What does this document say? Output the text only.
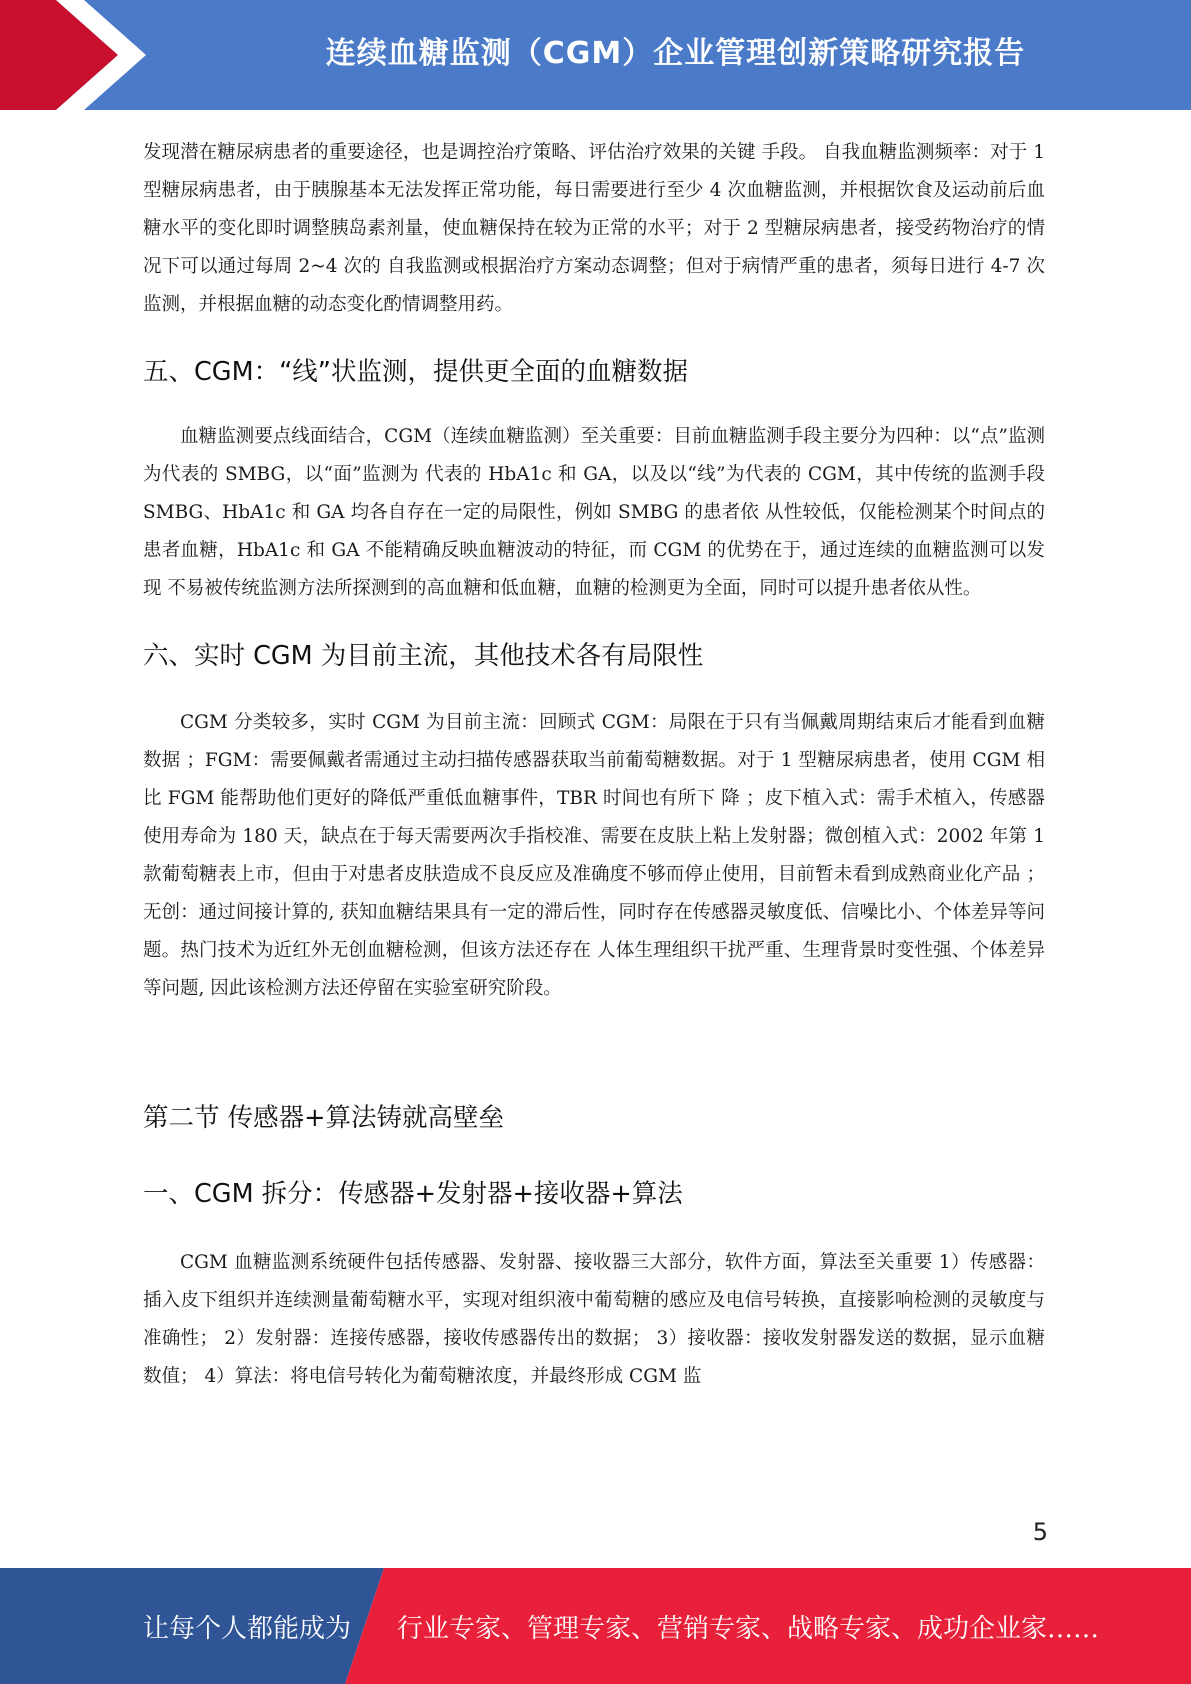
连续血糖监测（CGM）企业管理创新策略研究报告

发现潜在糖尿病患者的重要途径，也是调控治疗策略、评估治疗效果的关键 手段。 自我血糖监测频率：对于 1 型糖尿病患者，由于胰腺基本无法发挥正常功能，每日需要进行至少 4 次血糖监测，并根据饮食及运动前后血 糖水平的变化即时调整胰岛素剂量，使血糖保持在较为正常的水平；对于 2 型糖尿病患者，接受药物治疗的情况下可以通过每周 2~4 次的 自我监测或根据治疗方案动态调整；但对于病情严重的患者，须每日进行 4-7 次监测，并根据血糖的动态变化酌情调整用药。

五、CGM：“线”状监测，提供更全面的血糖数据

血糖监测要点线面结合，CGM（连续血糖监测）至关重要：目前血糖监测手段主要分为四种：以“点”监测为代表的 SMBG，以“面”监测为 代表的 HbA1c 和 GA，以及以“线”为代表的 CGM，其中传统的监测手段 SMBG、HbA1c 和 GA 均各自存在一定的局限性，例如 SMBG 的患者依 从性较低，仅能检测某个时间点的患者血糖，HbA1c 和 GA 不能精确反映血糖波动的特征，而 CGM 的优势在于，通过连续的血糖监测可以发现 不易被传统监测方法所探测到的高血糖和低血糖，血糖的检测更为全面，同时可以提升患者依从性。

六、实时 CGM 为目前主流，其他技术各有局限性

CGM 分类较多，实时 CGM 为目前主流：回顾式 CGM：局限在于只有当佩戴周期结束后才能看到血糖数据 ；FGM：需要佩戴者需通过主动扫描传感器获取当前葡萄糖数据。对于 1 型糖尿病患者，使用 CGM 相比 FGM 能帮助他们更好的降低严重低血糖事件，TBR 时间也有所下 降 ；皮下植入式：需手术植入，传感器使用寿命为 180 天，缺点在于每天需要两次手指校准、需要在皮肤上粘上发射器；微创植入式：2002 年第 1 款葡萄糖表上市，但由于对患者皮肤造成不良反应及准确度不够而停止使用，目前暂未看到成熟商业化产品 ；无创：通过间接计算的, 获知血糖结果具有一定的滞后性，同时存在传感器灵敏度低、信噪比小、个体差异等问题。热门技术为近红外无创血糖检测，但该方法还存在 人体生理组织干扰严重、生理背景时变性强、个体差异等问题, 因此该检测方法还停留在实验室研究阶段。

第二节 传感器+算法铸就高壁垒
一、CGM 拆分：传感器+发射器+接收器+算法

CGM 血糖监测系统硬件包括传感器、发射器、接收器三大部分，软件方面，算法至关重要 1）传感器：插入皮下组织并连续测量葡萄糖水平，实现对组织液中葡萄糖的感应及电信号转换，直接影响检测的灵敏度与准确性； 2）发射器：连接传感器，接收传感器传出的数据； 3）接收器：接收发射器发送的数据，显示血糖数值； 4）算法：将电信号转化为葡萄糖浓度，并最终形成 CGM 监

5
让每个人都能成为 行业专家、管理专家、营销专家、战略专家、成功企业家……
